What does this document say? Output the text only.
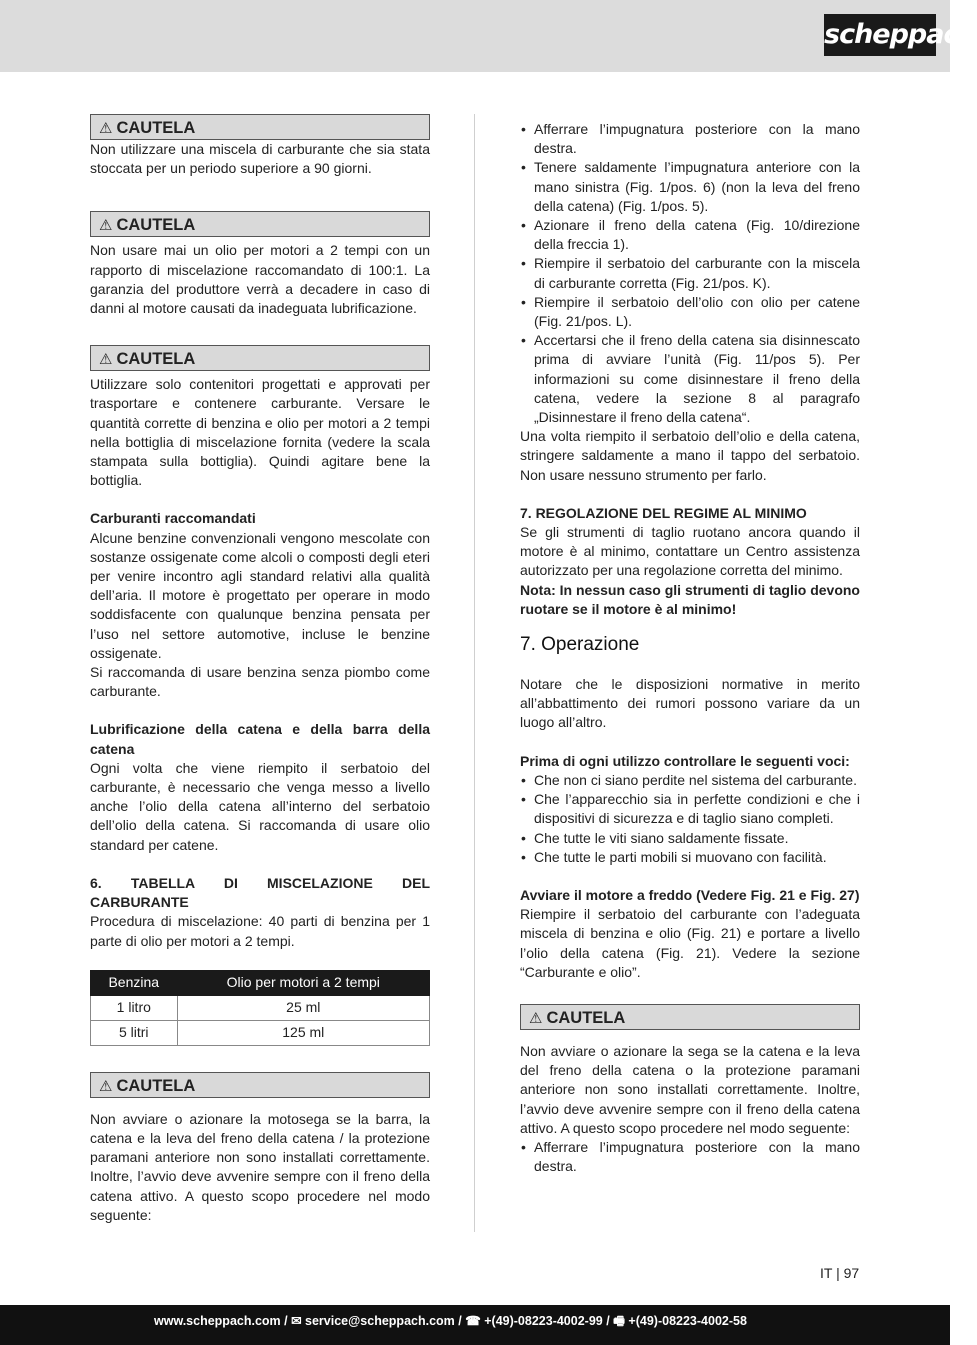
scheppach
⚠ CAUTELA

Non utilizzare una miscela di carburante che sia stata stoccata per un periodo superiore a 90 giorni.

⚠ CAUTELA

Non usare mai un olio per motori a 2 tempi con un rapporto di miscelazione raccomandato di 100:1. La garanzia del produttore verrà a decadere in caso di danni al motore causati da inadeguata lubrificazione.

⚠ CAUTELA

Utilizzare solo contenitori progettati e approvati per trasportare e contenere carburante. Versare le quantità corrette di benzina e olio per motori a 2 tempi nella bottiglia di miscelazione fornita (vedere la scala stampata sulla bottiglia). Quindi agitare bene la bottiglia.

Carburanti raccomandati

Alcune benzine convenzionali vengono mescolate con sostanze ossigenate come alcoli o composti degli eteri per venire incontro agli standard relativi alla qualità dell’aria. Il motore è progettato per operare in modo soddisfacente con qualunque benzina pensata per l’uso nel settore automotive, incluse le benzine ossigenate.

Si raccomanda di usare benzina senza piombo come carburante.

Lubrificazione della catena e della barra della catena

Ogni volta che viene riempito il serbatoio del carburante, è necessario che venga messo a livello anche l’olio della catena all’interno del serbatoio dell’olio della catena. Si raccomanda di usare olio standard per catene.

6. TABELLA DI MISCELAZIONE DEL CARBURANTE

Procedura di miscelazione: 40 parti di benzina per 1 parte di olio per motori a 2 tempi.

Benzina	Olio per motori a 2 tempi
1 litro	25 ml
5 litri	125 ml
⚠ CAUTELA

Non avviare o azionare la motosega se la barra, la catena e la leva del freno della catena / la protezione paramani anteriore non sono installati correttamente. Inoltre, l’avvio deve avvenire sempre con il freno della catena attivo. A questo scopo procedere nel modo seguente:

• Afferrare l’impugnatura posteriore con la mano destra.
• Tenere saldamente l’impugnatura anteriore con la mano sinistra (Fig. 1/pos. 6) (non la leva del freno della catena) (Fig. 1/pos. 5).
• Azionare il freno della catena (Fig. 10/direzione della freccia 1).
• Riempire il serbatoio del carburante con la miscela di carburante corretta (Fig. 21/pos. K).
• Riempire il serbatoio dell’olio con olio per catene (Fig. 21/pos. L).
• Accertarsi che il freno della catena sia disinnescato prima di avviare l’unità (Fig. 11/pos 5). Per informazioni su come disinnestare il freno della catena, vedere la sezione 8 al paragrafo „Disinnestare il freno della catena“.

Una volta riempito il serbatoio dell’olio e della catena, stringere saldamente a mano il tappo del serbatoio. Non usare nessuno strumento per farlo.

7. REGOLAZIONE DEL REGIME AL MINIMO

Se gli strumenti di taglio ruotano ancora quando il motore è al minimo, contattare un Centro assistenza autorizzato per una regolazione corretta del minimo.

Nota: In nessun caso gli strumenti di taglio devono ruotare se il motore è al minimo!

7. Operazione

Notare che le disposizioni normative in merito all’abbattimento dei rumori possono variare da un luogo all’altro.

Prima di ogni utilizzo controllare le seguenti voci:

• Che non ci siano perdite nel sistema del carburante.
• Che l’apparecchio sia in perfette condizioni e che i dispositivi di sicurezza e di taglio siano completi.
• Che tutte le viti siano saldamente fissate.
• Che tutte le parti mobili si muovano con facilità.

Avviare il motore a freddo (Vedere Fig. 21 e Fig. 27)

Riempire il serbatoio del carburante con l’adeguata miscela di benzina e olio (Fig. 21) e portare a livello l’olio della catena (Fig. 21). Vedere la sezione “Carburante e olio”.

⚠ CAUTELA

Non avviare o azionare la sega se la catena e la leva del freno della catena o la protezione paramani anteriore non sono installati correttamente. Inoltre, l’avvio deve avvenire sempre con il freno della catena attivo. A questo scopo procedere nel modo seguente:

• Afferrare l’impugnatura posteriore con la mano destra.
IT | 97
www.scheppach.com / ✉ service@scheppach.com / ☎ +(49)-08223-4002-99 / 🖷 +(49)-08223-4002-58
